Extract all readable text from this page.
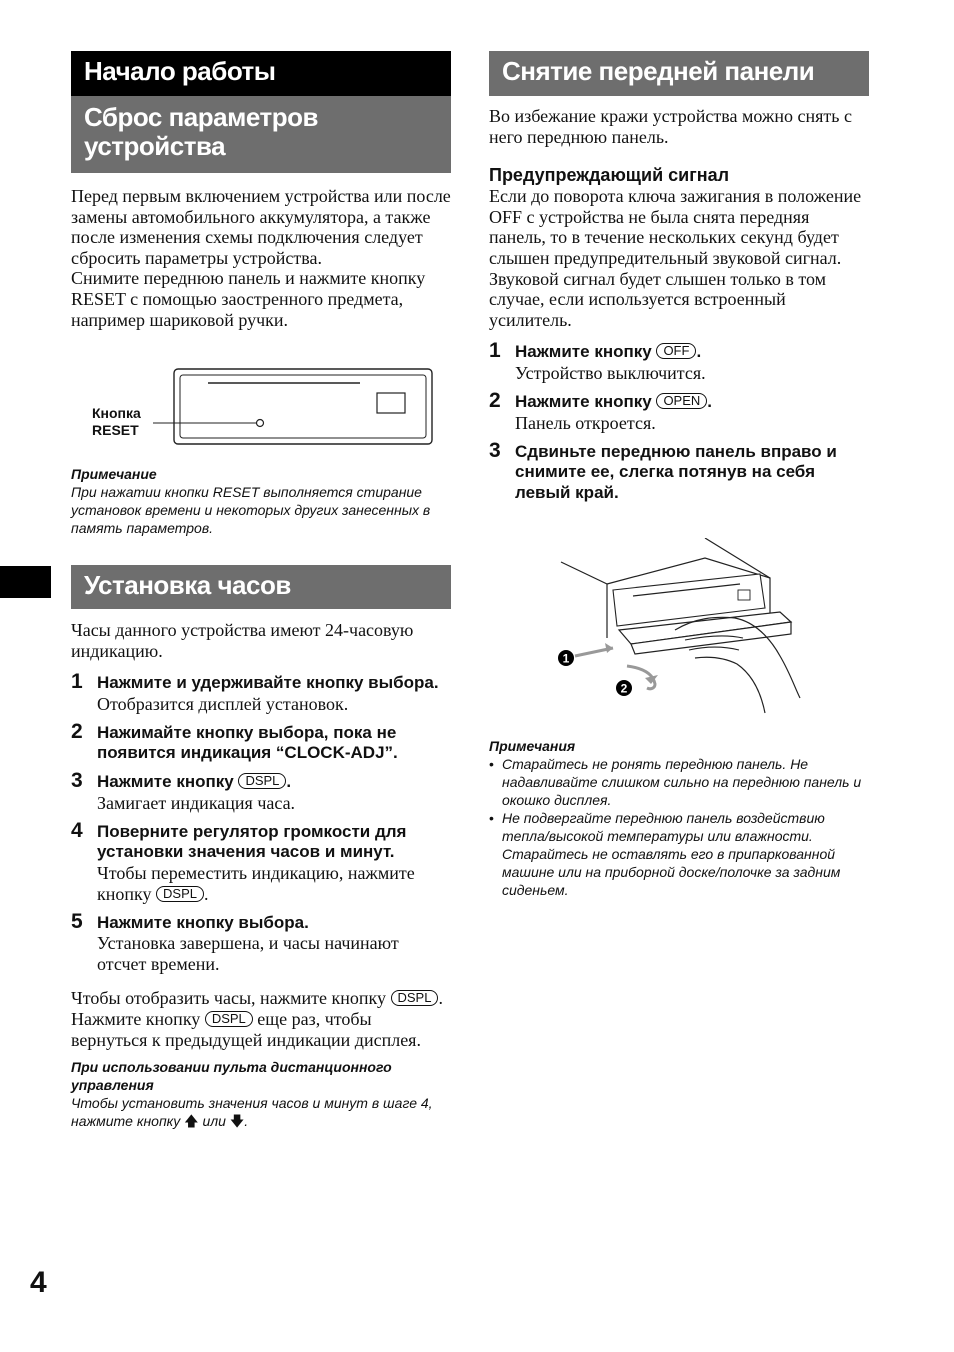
Начало работы
Сброс параметров устройства

Перед первым включением устройства или после замены автомобильного аккумулятора, а также после изменения схемы подключения следует сбросить параметры устройства.

Снимите переднюю панель и нажмите кнопку RESET с помощью заостренного предмета, например шариковой ручки.

Кнопка
RESET
Примечание
При нажатии кнопки RESET выполняется стирание установок времени и некоторых других занесенных в память параметров.
Установка часов

Часы данного устройства имеют 24-часовую индикацию.

1 Нажмите и удерживайте кнопку выбора.
Отобразится дисплей установок.
2 Нажимайте кнопку выбора, пока не появится индикация “CLOCK-ADJ”.
3 Нажмите кнопку DSPL .
Замигает индикация часа.
4 Поверните регулятор громкости для установки значения часов и минут.
Чтобы переместить индикацию, нажмите кнопку DSPL .
5 Нажмите кнопку выбора.
Установка завершена, и часы начинают отсчет времени.

Чтобы отобразить часы, нажмите кнопку DSPL . Нажмите кнопку DSPL еще раз, чтобы вернуться к предыдущей индикации дисплея.

При использовании пульта дистанционного управления
Чтобы установить значения часов и минут в шаге 4, нажмите кнопку 🡅 или 🡇.
Снятие передней панели

Во избежание кражи устройства можно снять с него переднюю панель.

Предупреждающий сигнал

Если до поворота ключа зажигания в положение OFF с устройства не была снята передняя панель, то в течение нескольких секунд будет слышен предупредительный звуковой сигнал. Звуковой сигнал будет слышен только в том случае, если используется встроенный усилитель.

1 Нажмите кнопку OFF .
Устройство выключится.
2 Нажмите кнопку OPEN .
Панель откроется.
3 Сдвиньте переднюю панель вправо и снимите ее, слегка потянув на себя левый край.
1
2
Примечания
• Старайтесь не ронять переднюю панель. Не надавливайте слишком сильно на переднюю панель и окошко дисплея.
• Не подвергайте переднюю панель воздействию тепла/высокой температуры или влажности. Старайтесь не оставлять его в припаркованной машине или на приборной доске/полочке за задним сиденьем.
4
